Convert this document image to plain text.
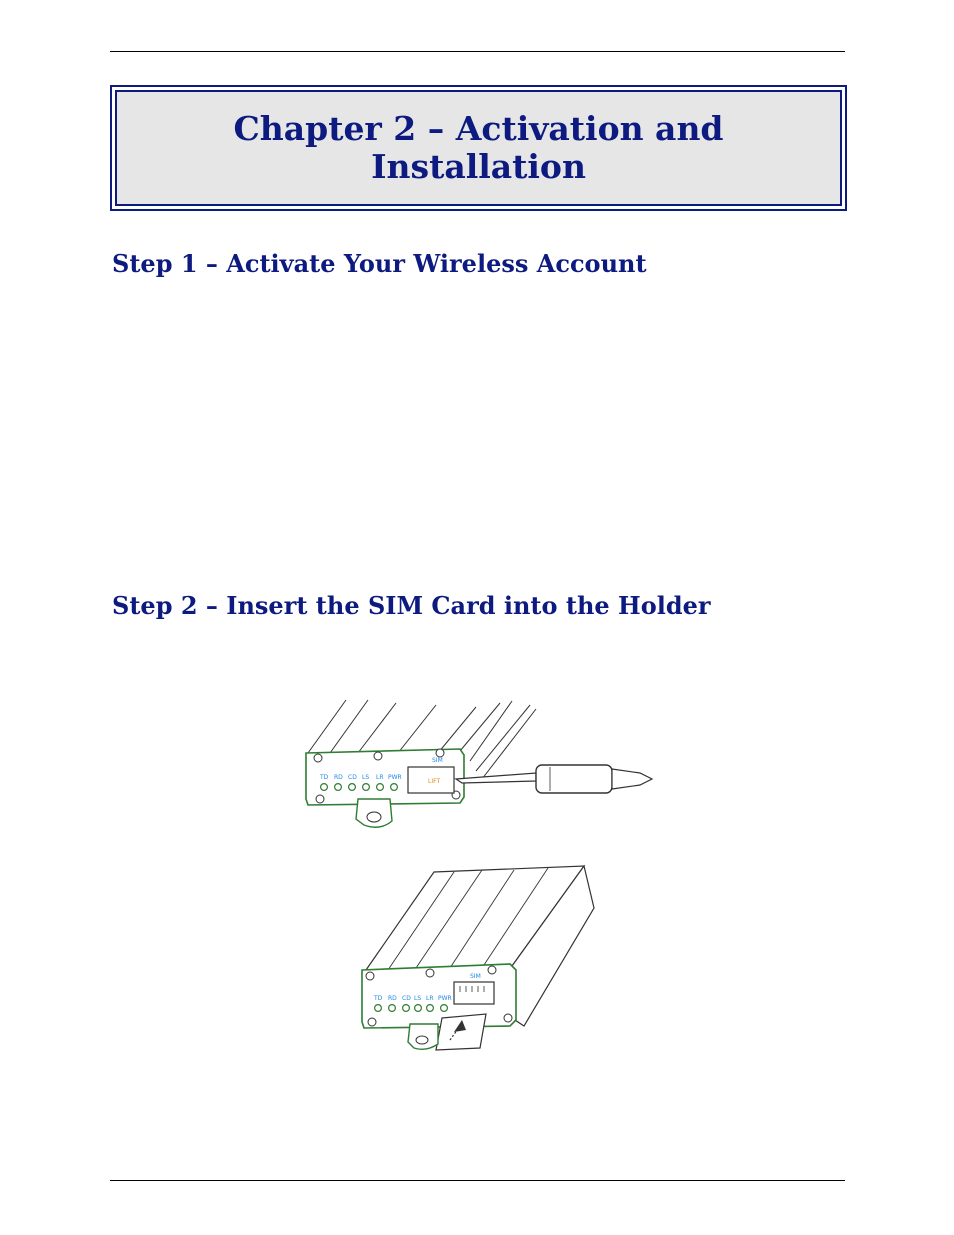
Chapter 2 – Activation and Installation
Step 1 – Activate Your Wireless Account
Step 2 – Insert the SIM Card into the Holder
TD RD CD LS LR PWR
SIM
LIFT
TD RD CD LS LR PWR
SIM
